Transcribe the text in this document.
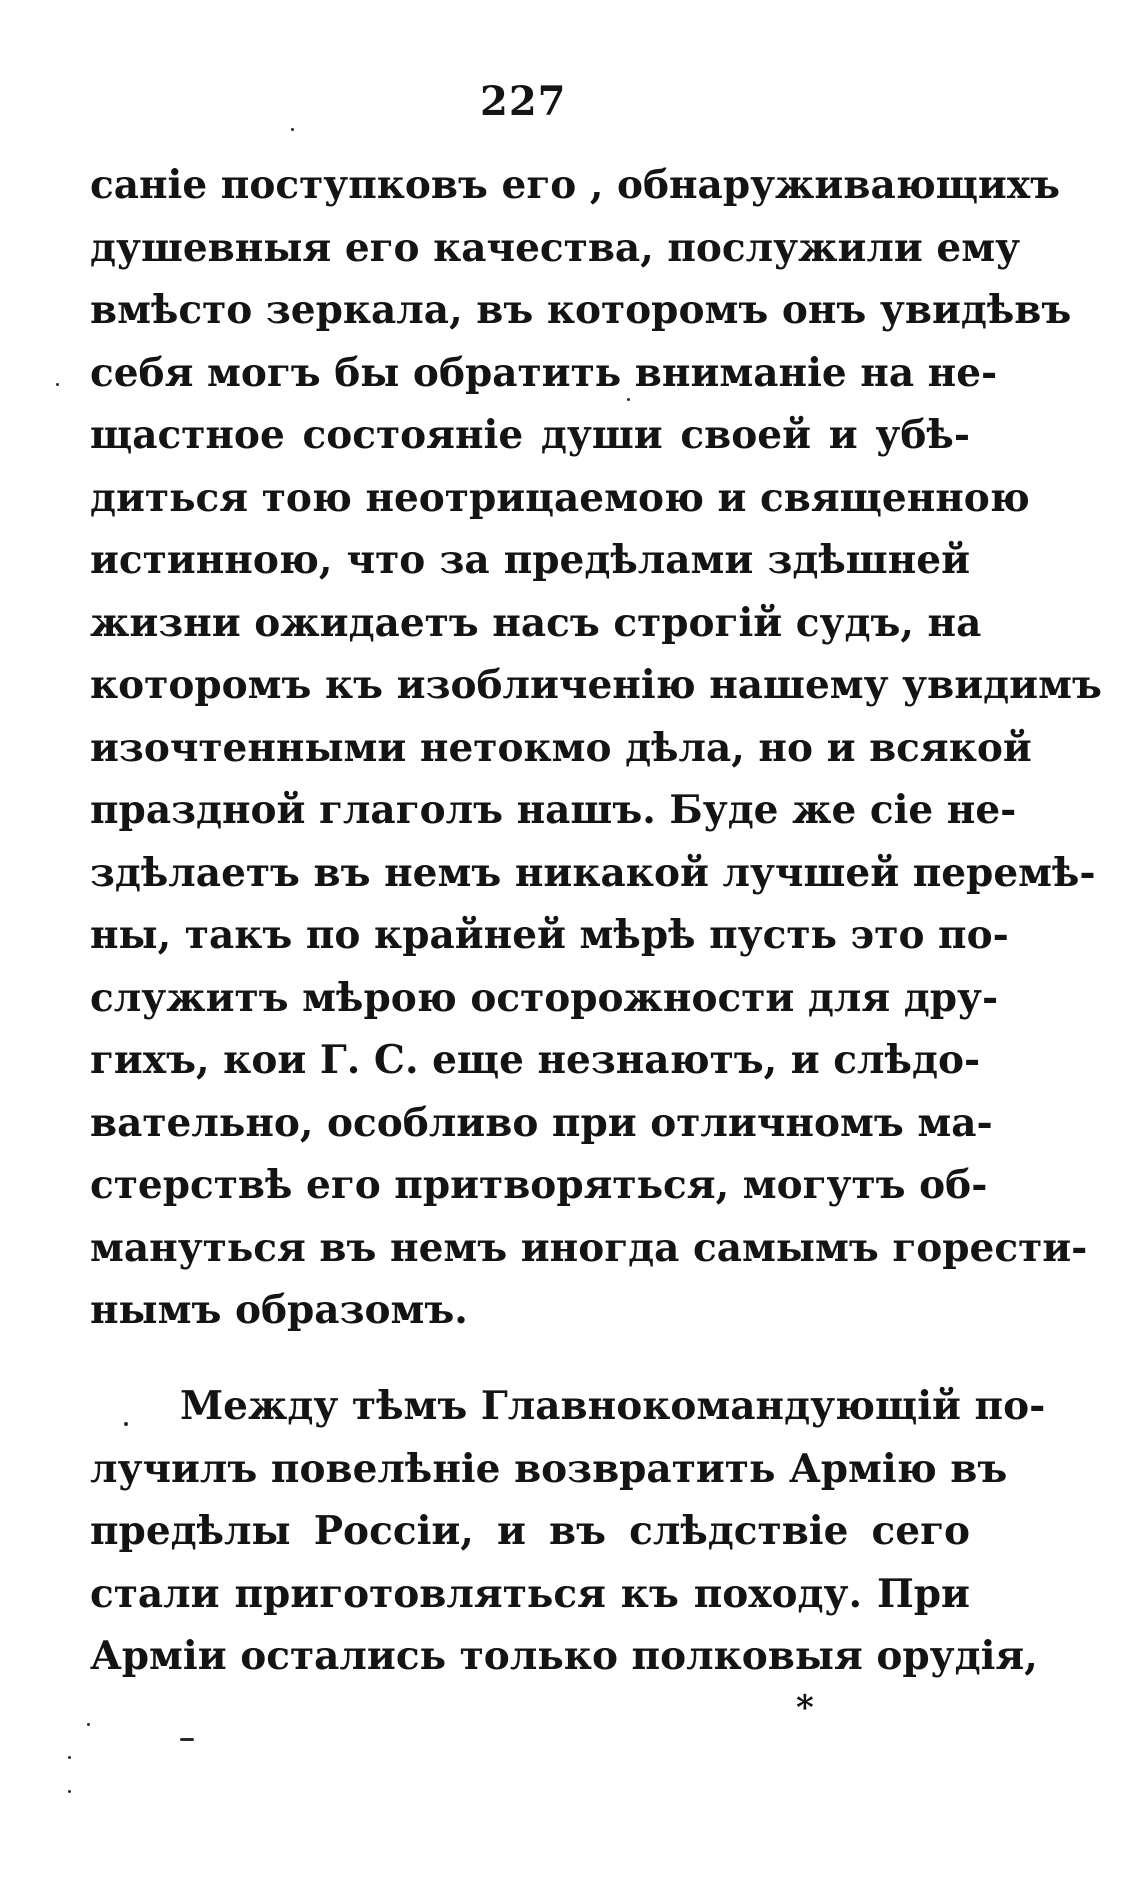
227
саніе поступковъ его , обнаруживающихъ
душевныя его качества, послужили ему
вмѣсто зеркала, въ которомъ онъ увидѣвъ
себя могъ бы обратить вниманіе на не-
щастное состояніе души своей и убѣ-
диться тою неотрицаемою и священною
истинною, что за предѣлами здѣшней
жизни ожидаетъ насъ строгій судъ, на
которомъ къ изобличенію нашему увидимъ
изочтенными нетокмо дѣла, но и всякой
праздной глаголъ нашъ. Буде же сіе не-
здѣлаетъ въ немъ никакой лучшей перемѣ-
ны, такъ по крайней мѣрѣ пусть это по-
служитъ мѣрою осторожности для дру-
гихъ, кои Г. С. еще незнаютъ, и слѣдо-
вательно, особливо при отличномъ ма-
стерствѣ его притворяться, могутъ об-
мануться въ немъ иногда самымъ горести-
нымъ образомъ.
Между тѣмъ Главнокомандующій по-
лучилъ повелѣніе возвратить Армію въ
предѣлы Россіи, и въ слѣдствіе сего
стали приготовляться къ походу. При
Арміи остались только полковыя орудія,
*
